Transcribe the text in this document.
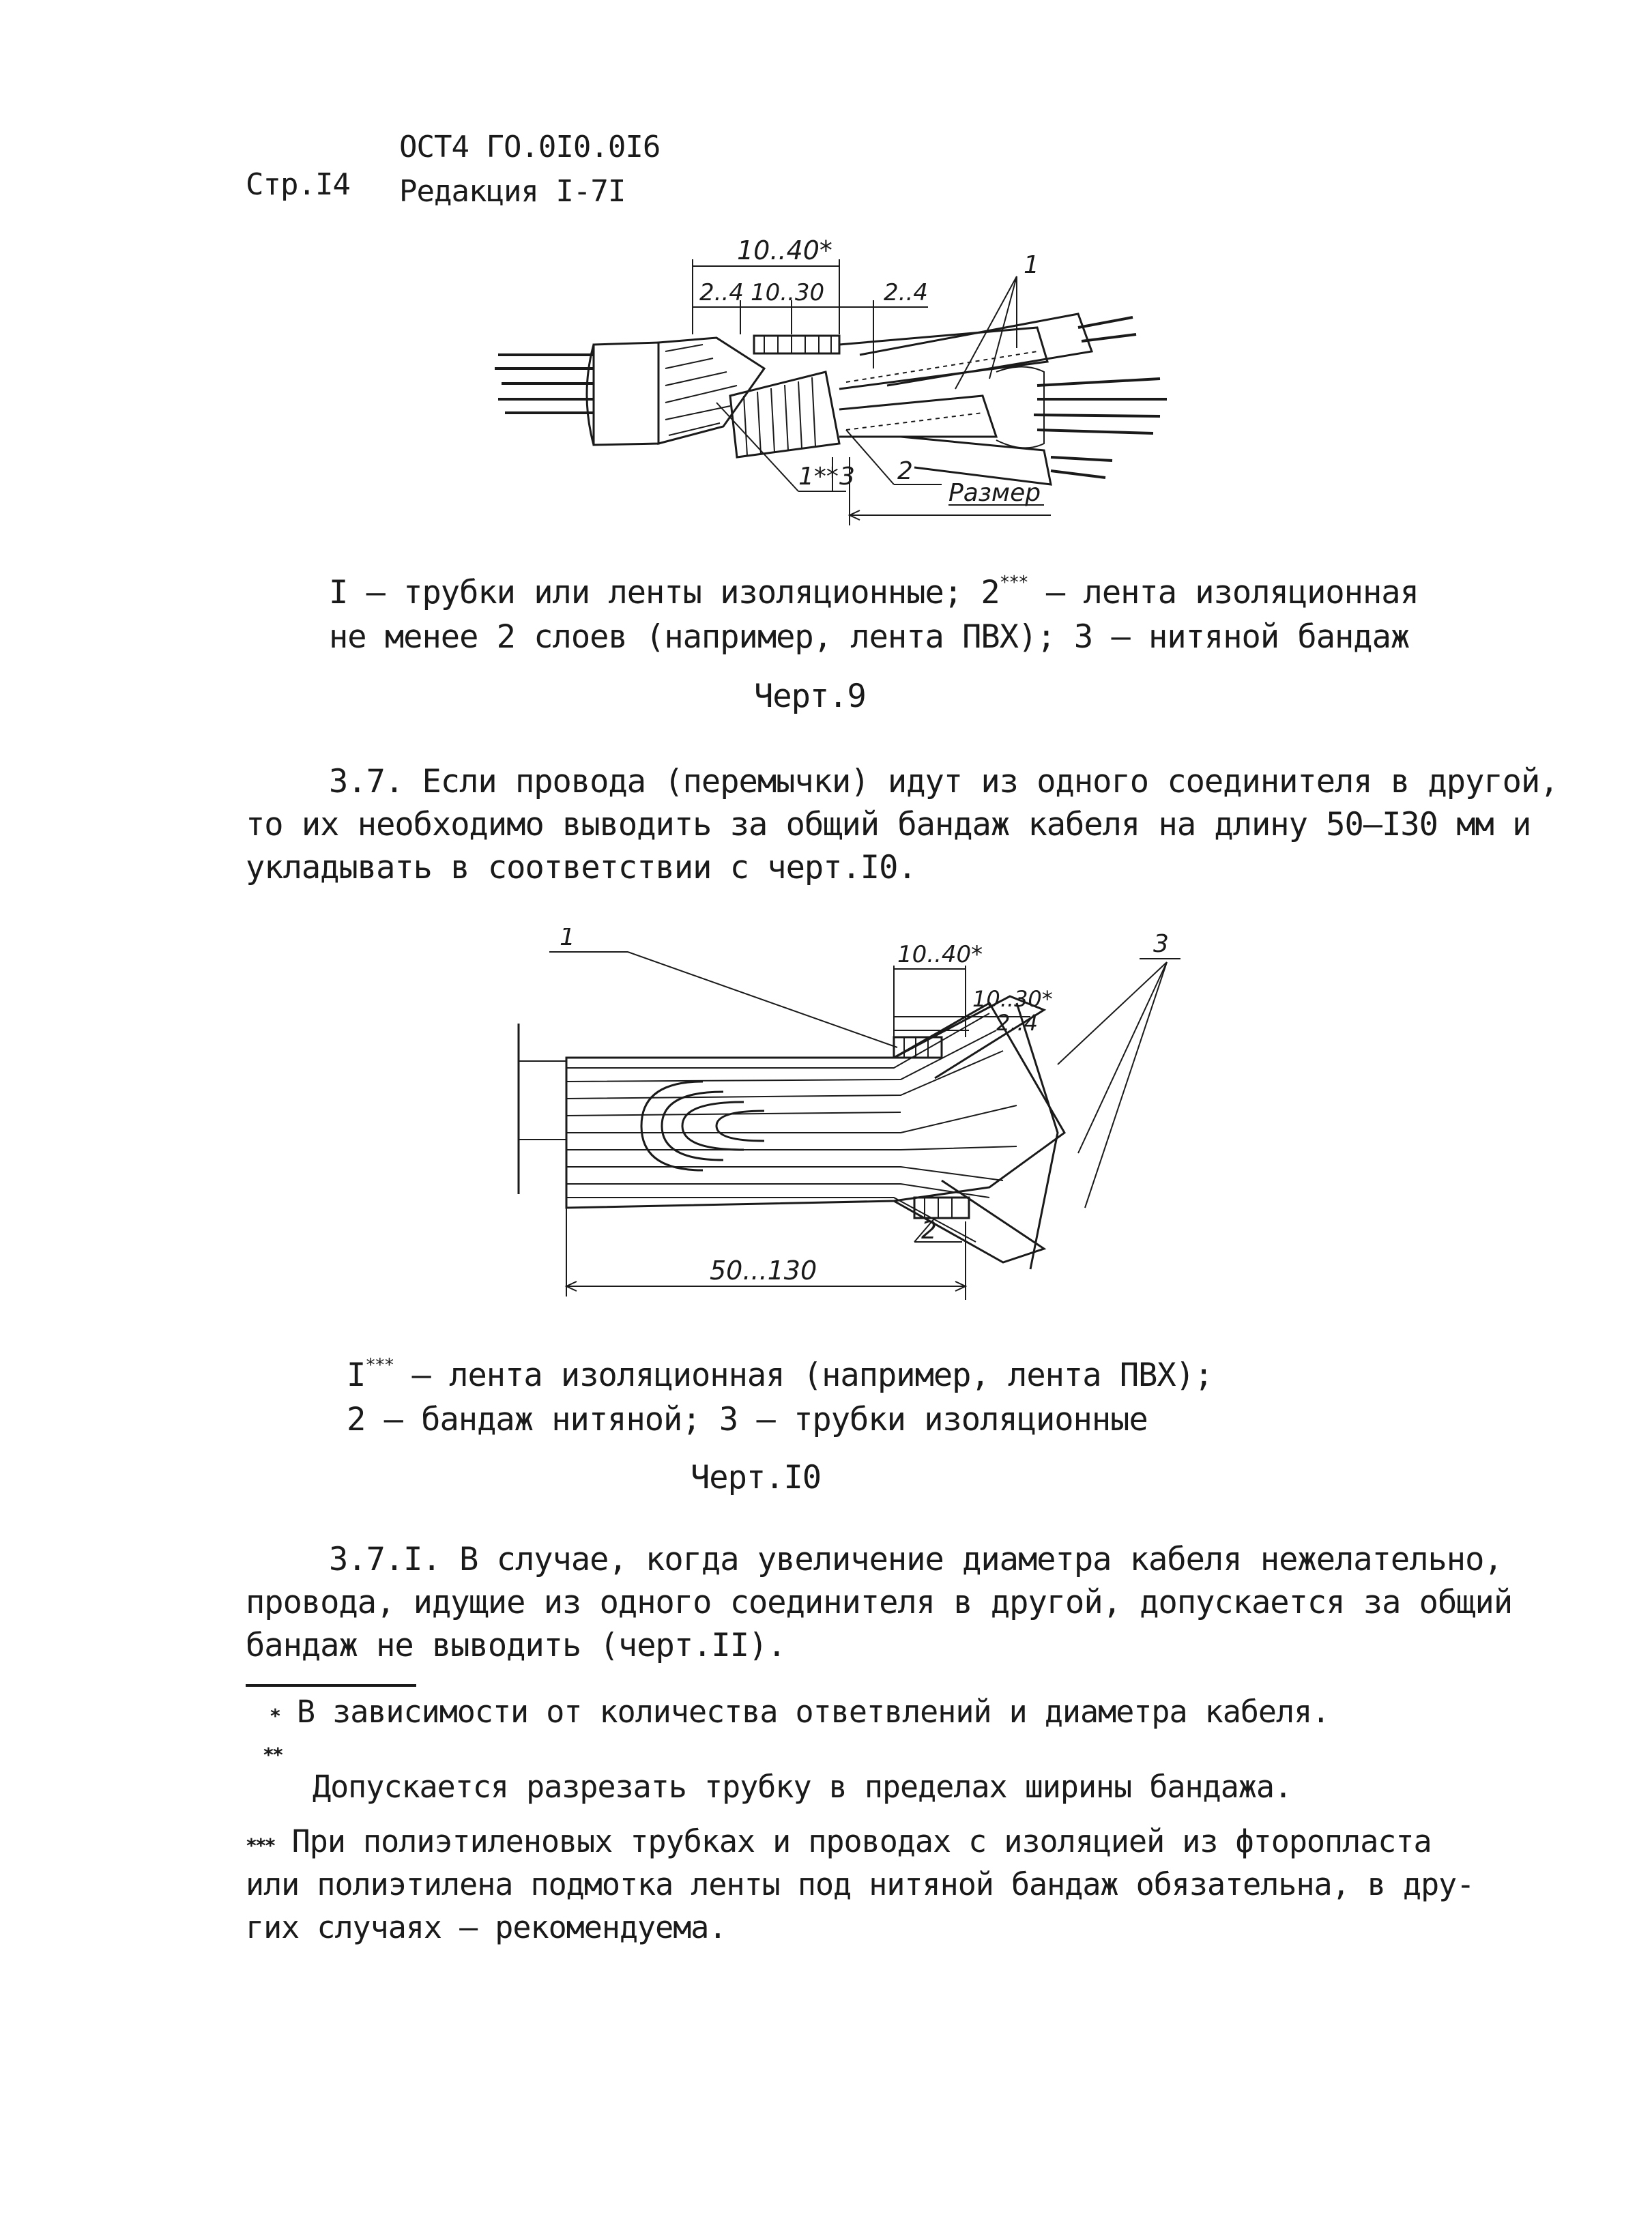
Стр.I4
ОСТ4 ГО.0I0.0I6
Редакция I-7I
10..40*
2..4 10..30	2..4
1
1** 3 2
Размер
I – трубки или ленты изоляционные; 2*** – лента изоляционная
не менее 2 слоев (например, лента ПВХ); 3 – нитяной бандаж
Черт.9
3.7. Если провода (перемычки) идут из одного соединителя в другой,
то их необходимо выводить за общий бандаж кабеля на длину 50–I30 мм и
укладывать в соответствии с черт.I0.
1
10..40*
10..30*
2..4
3
2
50...130
I*** – лента изоляционная (например, лента ПВХ);
2 – бандаж нитяной; 3 – трубки изоляционные
Черт.I0
3.7.I. В случае, когда увеличение диаметра кабеля нежелательно,
провода, идущие из одного соединителя в другой, допускается за общий
бандаж не выводить (черт.II).
* В зависимости от количества ответвлений и диаметра кабеля.
**
Допускается разрезать трубку в пределах ширины бандажа.
*** При полиэтиленовых трубках и проводах с изоляцией из фторопласта
или полиэтилена подмотка ленты под нитяной бандаж обязательна, в дру-
гих случаях – рекомендуема.
